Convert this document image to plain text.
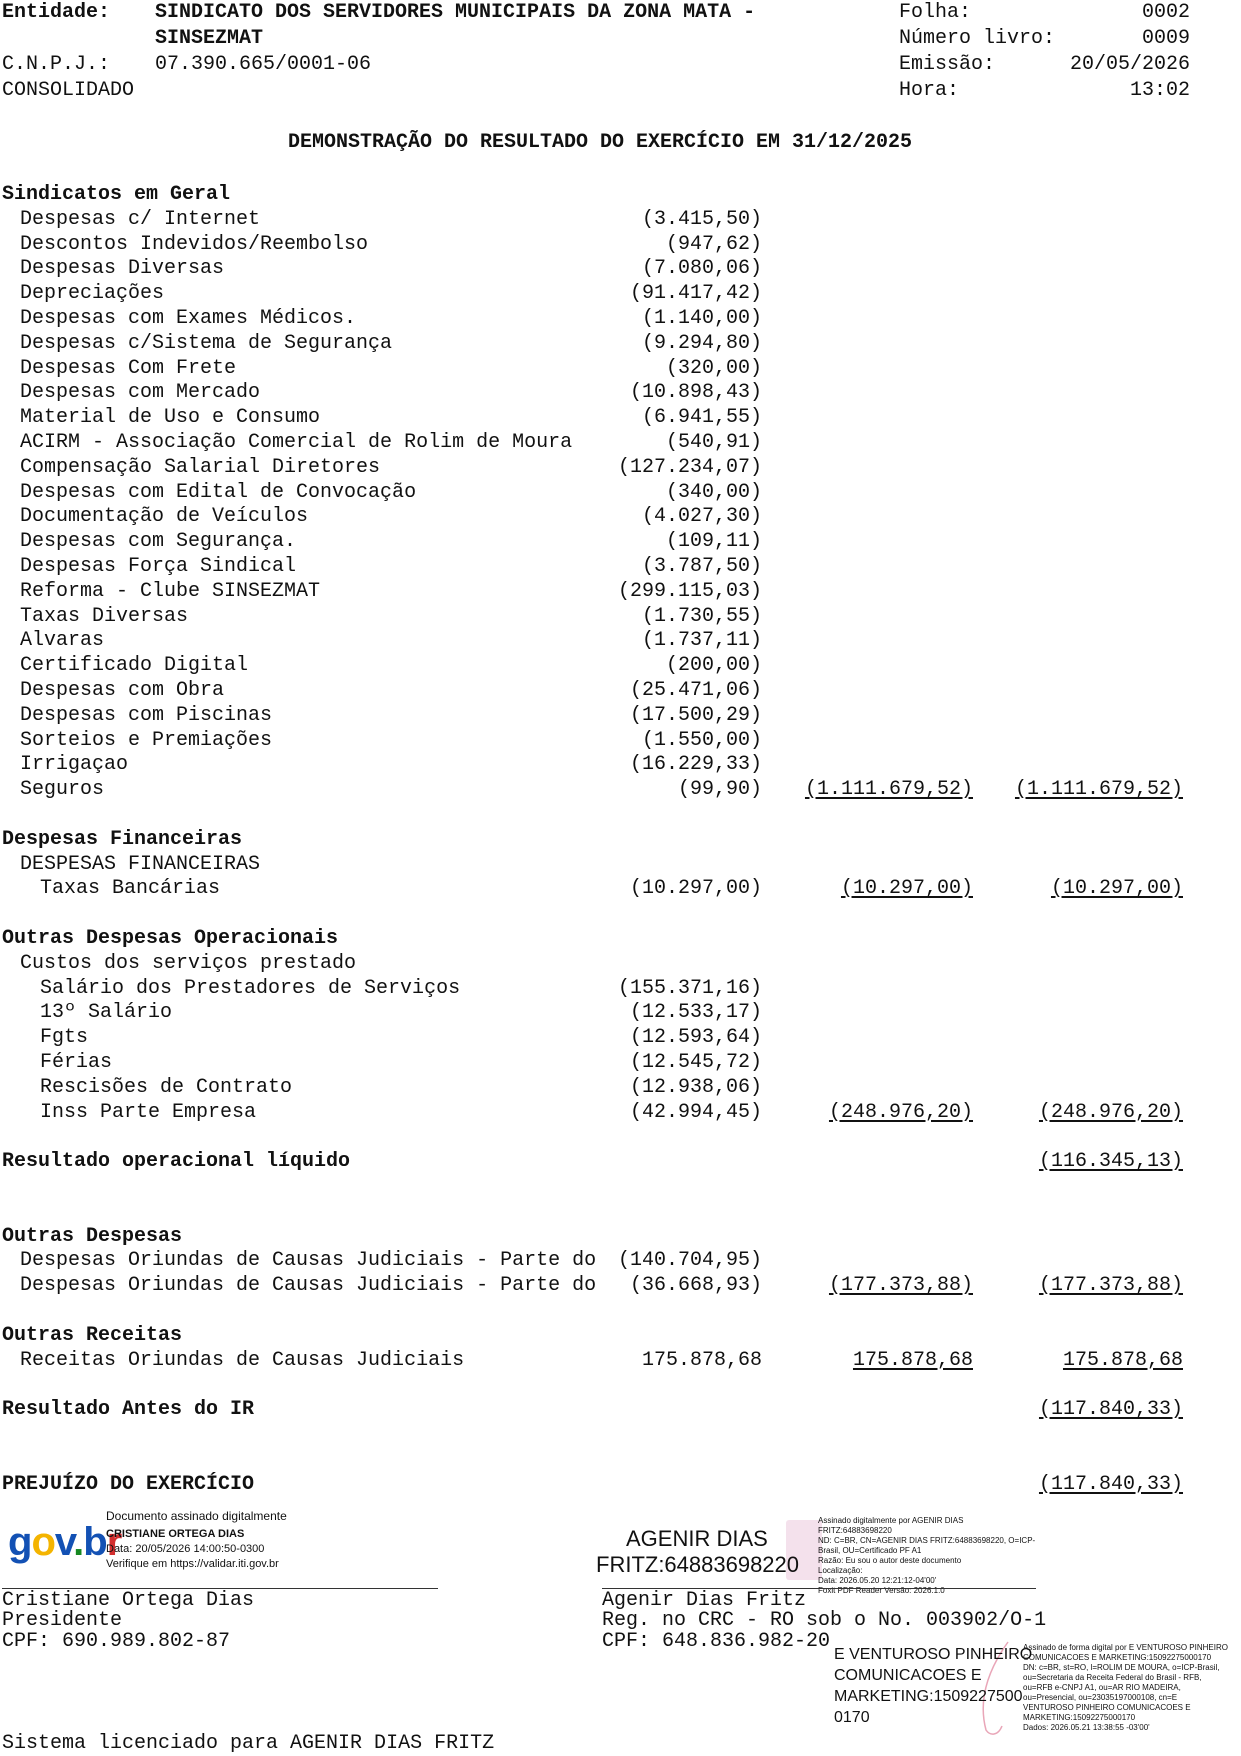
Entidade: SINDICATO DOS SERVIDORES MUNICIPAIS DA ZONA MATA -
SINSEZMAT
C.N.P.J.: 07.390.665/0001-06
CONSOLIDADO
Folha:	0002
Número livro:	0009
Emissão:	20/05/2026
Hora:	13:02
DEMONSTRAÇÃO DO RESULTADO DO EXERCÍCIO EM 31/12/2025
Sindicatos em Geral
Despesas c/ Internet	(3.415,50)
Descontos Indevidos/Reembolso	(947,62)
Despesas Diversas	(7.080,06)
Depreciações	(91.417,42)
Despesas com Exames Médicos.	(1.140,00)
Despesas c/Sistema de Segurança	(9.294,80)
Despesas Com Frete	(320,00)
Despesas com Mercado	(10.898,43)
Material de Uso e Consumo	(6.941,55)
ACIRM - Associação Comercial de Rolim de Moura	(540,91)
Compensação Salarial Diretores	(127.234,07)
Despesas com Edital de Convocação	(340,00)
Documentação de Veículos	(4.027,30)
Despesas com Segurança.	(109,11)
Despesas Força Sindical	(3.787,50)
Reforma - Clube SINSEZMAT	(299.115,03)
Taxas Diversas	(1.730,55)
Alvaras	(1.737,11)
Certificado Digital	(200,00)
Despesas com Obra	(25.471,06)
Despesas com Piscinas	(17.500,29)
Sorteios e Premiações	(1.550,00)
Irrigaçao	(16.229,33)
Seguros	(99,90) (1.111.679,52) (1.111.679,52)
Despesas Financeiras
DESPESAS FINANCEIRAS
Taxas Bancárias	(10.297,00)	(10.297,00)	(10.297,00)
Outras Despesas Operacionais
Custos dos serviços prestado
Salário dos Prestadores de Serviços	(155.371,16)
13º Salário	(12.533,17)
Fgts	(12.593,64)
Férias	(12.545,72)
Rescisões de Contrato	(12.938,06)
Inss Parte Empresa	(42.994,45)	(248.976,20)	(248.976,20)
Resultado operacional líquido	(116.345,13)
Outras Despesas
Despesas Oriundas de Causas Judiciais - Parte do (140.704,95)
Despesas Oriundas de Causas Judiciais - Parte do (36.668,93)	(177.373,88)	(177.373,88)
Outras Receitas
Receitas Oriundas de Causas Judiciais	175.878,68	175.878,68	175.878,68
Resultado Antes do IR	(117.840,33)
PREJUÍZO DO EXERCÍCIO	(117.840,33)
gov.br
Documento assinado digitalmente
CRISTIANE ORTEGA DIAS
Data: 20/05/2026 14:00:50-0300
Verifique em https://validar.iti.gov.br
Cristiane Ortega Dias
Presidente
CPF: 690.989.802-87
AGENIR DIAS
FRITZ:64883698220
Assinado digitalmente por AGENIR DIAS
FRITZ:64883698220
ND: C=BR, CN=AGENIR DIAS FRITZ:64883698220, O=ICP-
Brasil, OU=Certificado PF A1
Razão: Eu sou o autor deste documento
Localização:
Data: 2026.05.20 12:21:12-04'00'
Foxit PDF Reader Versão: 2026.1.0
Agenir Dias Fritz
Reg. no CRC - RO sob o No. 003902/O-1
CPF: 648.836.982-20
E VENTUROSO PINHEIRO
COMUNICACOES E
MARKETING:1509227500
0170
Assinado de forma digital por E VENTUROSO PINHEIRO
COMUNICACOES E MARKETING:15092275000170
DN: c=BR, st=RO, l=ROLIM DE MOURA, o=ICP-Brasil,
ou=Secretaria da Receita Federal do Brasil - RFB,
ou=RFB e-CNPJ A1, ou=AR RIO MADEIRA,
ou=Presencial, ou=23035197000108, cn=E
VENTUROSO PINHEIRO COMUNICACOES E
MARKETING:15092275000170
Dados: 2026.05.21 13:38:55 -03'00'
Sistema licenciado para AGENIR DIAS FRITZ
